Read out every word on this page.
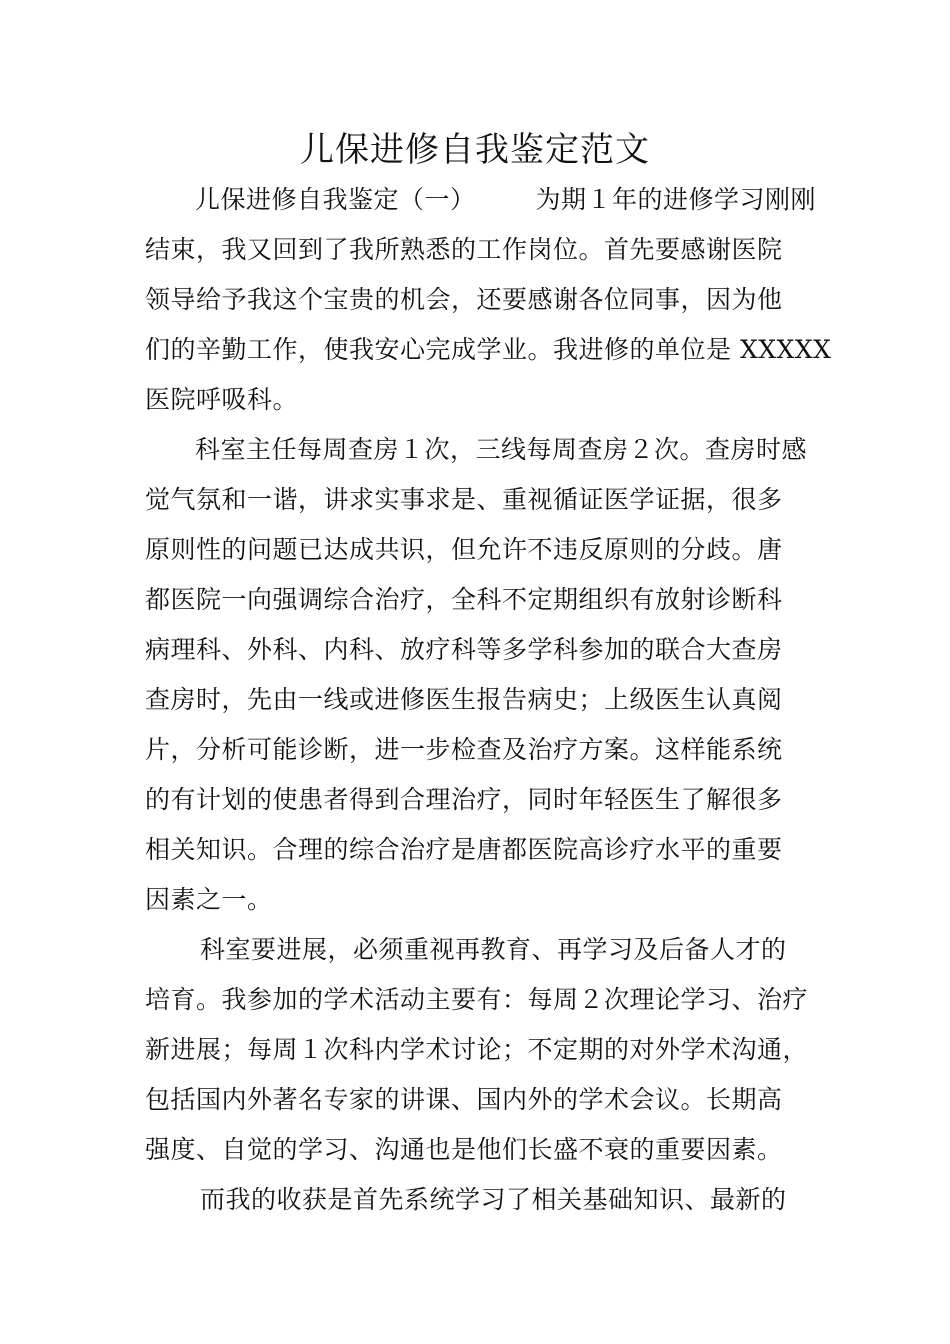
儿保进修自我鉴定范文
儿保进修自我鉴定（一） 为期１年的进修学习刚刚
结束，我又回到了我所熟悉的工作岗位。首先要感谢医院
领导给予我这个宝贵的机会，还要感谢各位同事，因为他
们的辛勤工作，使我安心完成学业。我进修的单位是 XXXXX
医院呼吸科。
科室主任每周查房１次，三线每周查房２次。查房时感
觉气氛和一谐，讲求实事求是、重视循证医学证据，很多
原则性的问题已达成共识，但允许不违反原则的分歧。唐
都医院一向强调综合治疗，全科不定期组织有放射诊断科
病理科、外科、内科、放疗科等多学科参加的联合大查房
查房时，先由一线或进修医生报告病史；上级医生认真阅
片，分析可能诊断，进一步检查及治疗方案。这样能系统
的有计划的使患者得到合理治疗，同时年轻医生了解很多
相关知识。合理的综合治疗是唐都医院高诊疗水平的重要
因素之一。
科室要进展，必须重视再教育、再学习及后备人才的
培育。我参加的学术活动主要有：每周２次理论学习、治疗
新进展；每周１次科内学术讨论；不定期的对外学术沟通，
包括国内外著名专家的讲课、国内外的学术会议。长期高
强度、自觉的学习、沟通也是他们长盛不衰的重要因素。
而我的收获是首先系统学习了相关基础知识、最新的
